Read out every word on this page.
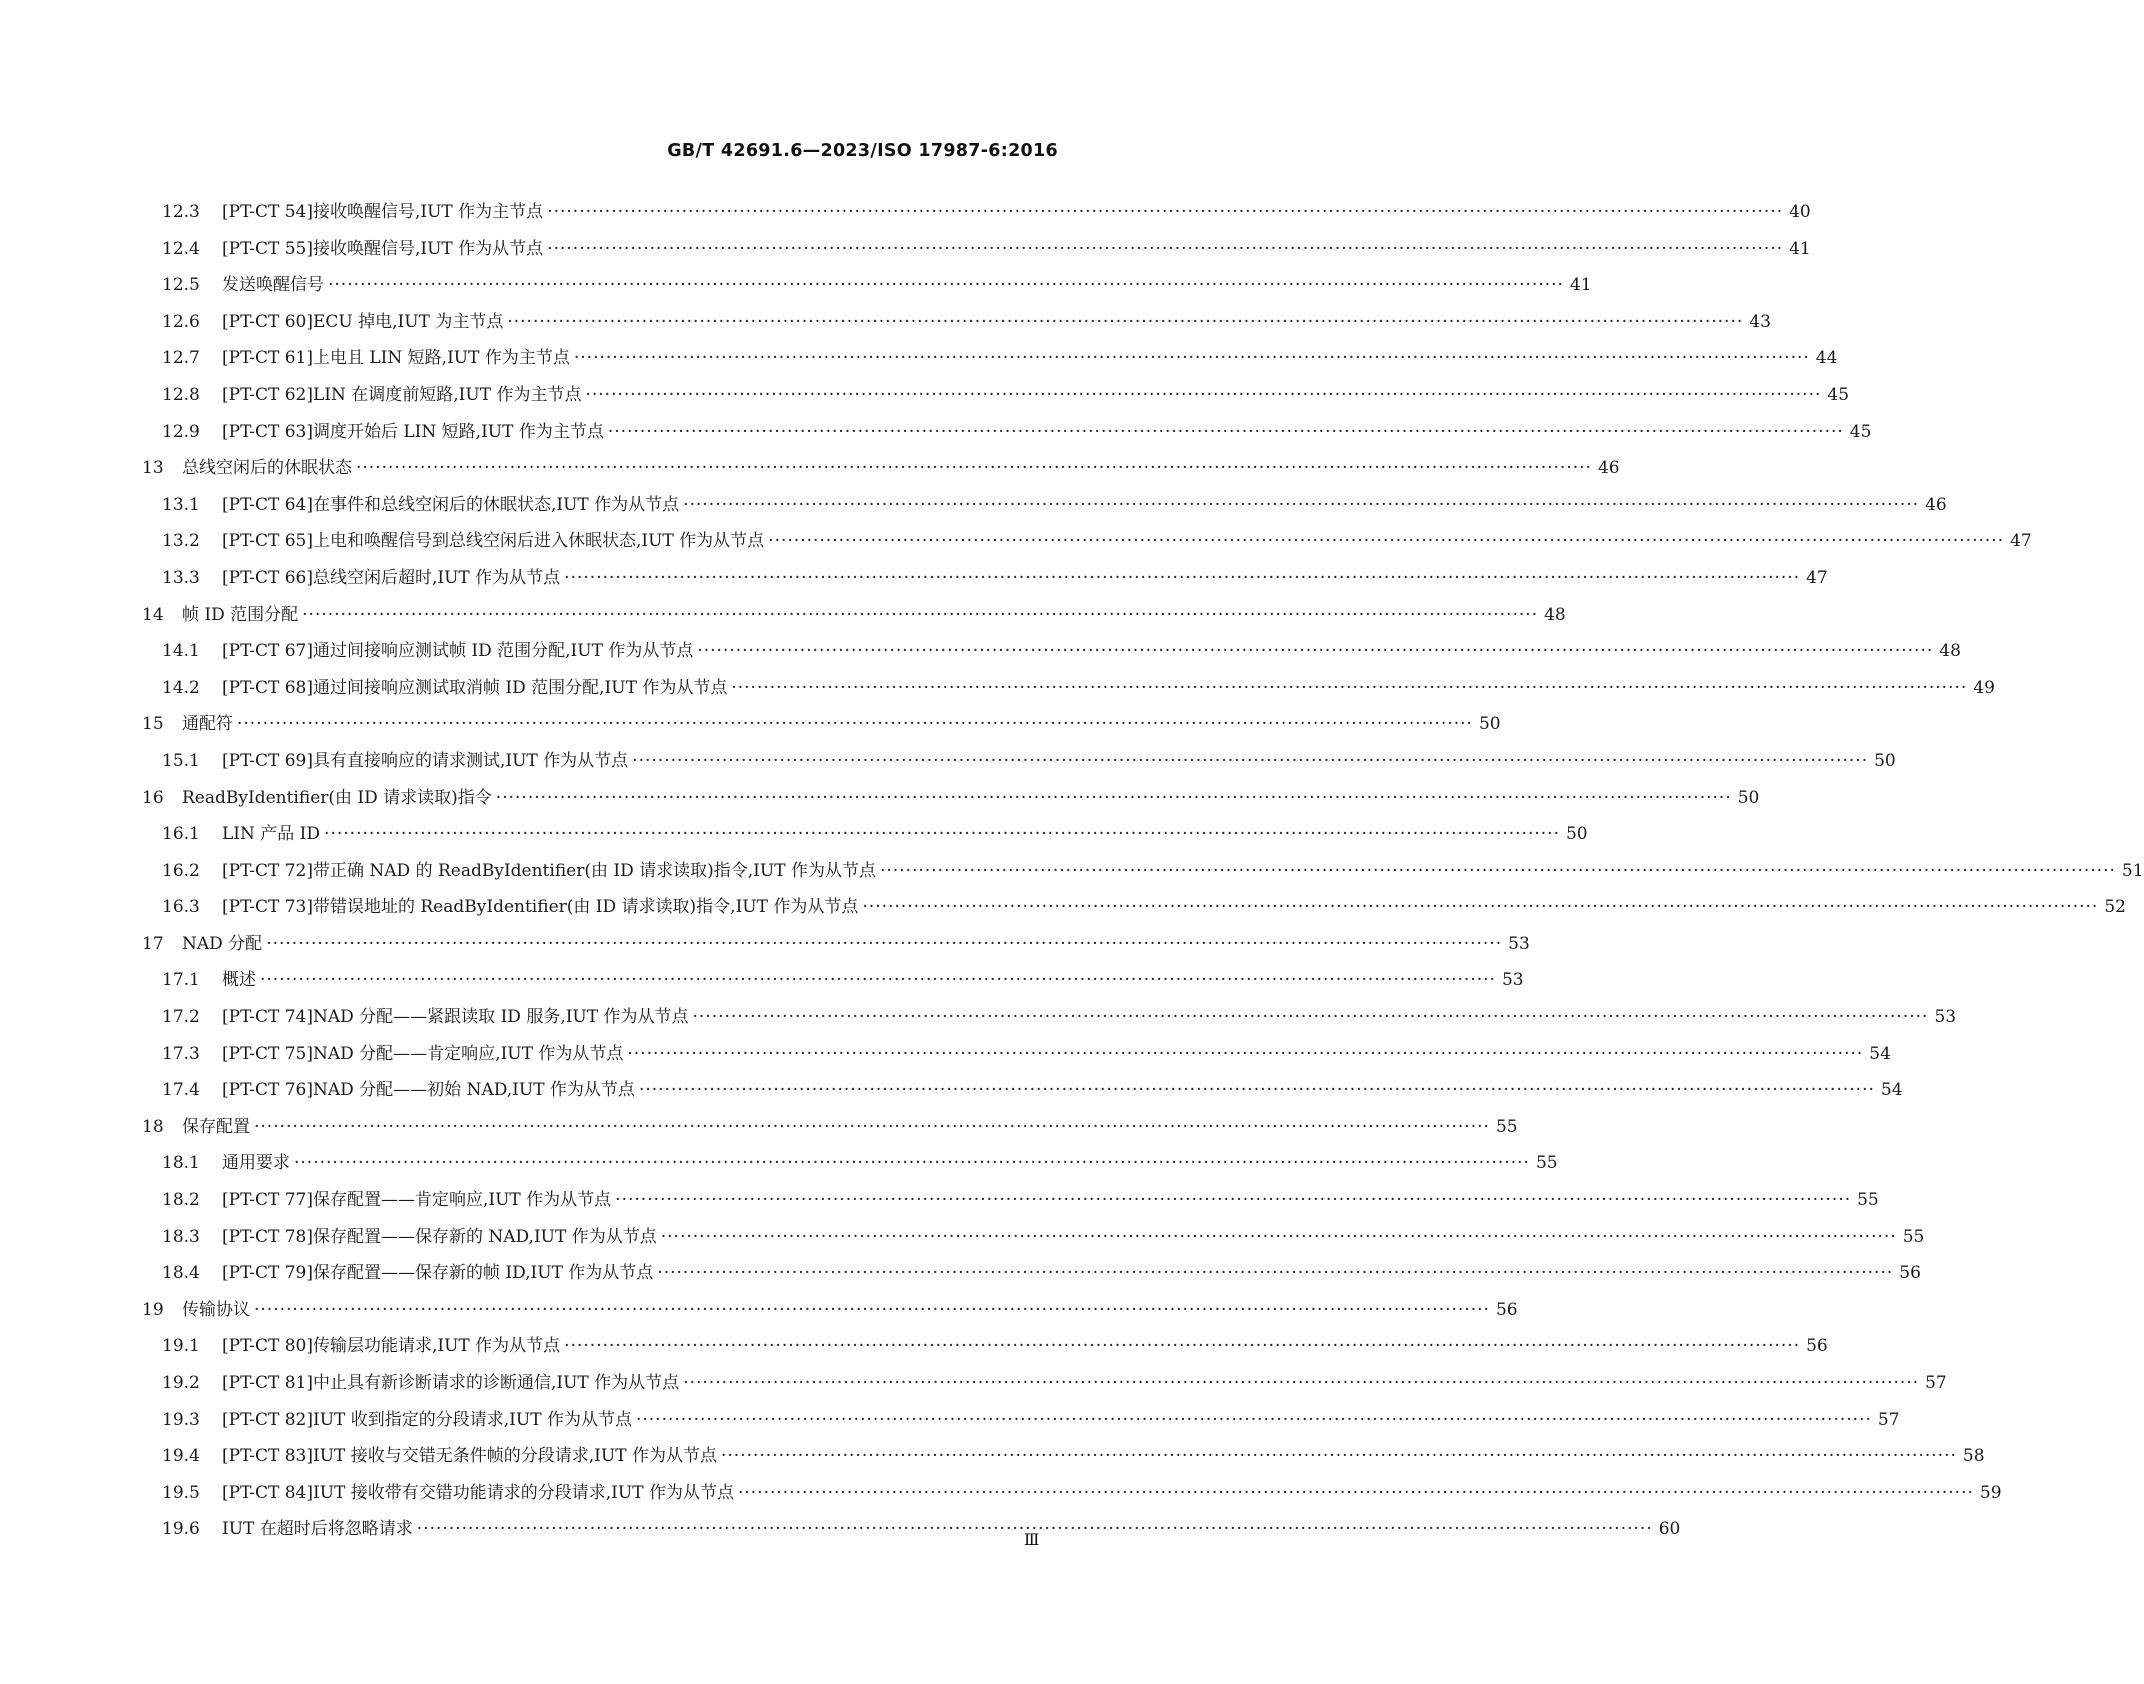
GB/T 42691.6—2023/ISO 17987-6:2016
12.3	[PT-CT 54]接收唤醒信号,IUT 作为主节点 ·····	40
12.4	[PT-CT 55]接收唤醒信号,IUT 作为从节点 ·····	41
12.5	发送唤醒信号 ·····	41
12.6	[PT-CT 60]ECU 掉电,IUT 为主节点 ·····	43
12.7	[PT-CT 61]上电且 LIN 短路,IUT 作为主节点 ·····	44
12.8	[PT-CT 62]LIN 在调度前短路,IUT 作为主节点 ·····	45
12.9	[PT-CT 63]调度开始后 LIN 短路,IUT 作为主节点 ·····	45
13	总线空闲后的休眠状态 ·····	46
13.1	[PT-CT 64]在事件和总线空闲后的休眠状态,IUT 作为从节点 ·····	46
13.2	[PT-CT 65]上电和唤醒信号到总线空闲后进入休眠状态,IUT 作为从节点 ·····	47
13.3	[PT-CT 66]总线空闲后超时,IUT 作为从节点 ·····	47
14	帧 ID 范围分配 ·····	48
14.1	[PT-CT 67]通过间接响应测试帧 ID 范围分配,IUT 作为从节点 ·····	48
14.2	[PT-CT 68]通过间接响应测试取消帧 ID 范围分配,IUT 作为从节点 ·····	49
15	通配符 ·····	50
15.1	[PT-CT 69]具有直接响应的请求测试,IUT 作为从节点 ·····	50
16	ReadByIdentifier(由 ID 请求读取)指令 ·····	50
16.1	LIN 产品 ID ·····	50
16.2	[PT-CT 72]带正确 NAD 的 ReadByIdentifier(由 ID 请求读取)指令,IUT 作为从节点 ·····	51
16.3	[PT-CT 73]带错误地址的 ReadByIdentifier(由 ID 请求读取)指令,IUT 作为从节点 ·····	52
17	NAD 分配 ·····	53
17.1	概述 ·····	53
17.2	[PT-CT 74]NAD 分配——紧跟读取 ID 服务,IUT 作为从节点 ·····	53
17.3	[PT-CT 75]NAD 分配——肯定响应,IUT 作为从节点 ·····	54
17.4	[PT-CT 76]NAD 分配——初始 NAD,IUT 作为从节点 ·····	54
18	保存配置 ·····	55
18.1	通用要求 ·····	55
18.2	[PT-CT 77]保存配置——肯定响应,IUT 作为从节点 ·····	55
18.3	[PT-CT 78]保存配置——保存新的 NAD,IUT 作为从节点 ·····	55
18.4	[PT-CT 79]保存配置——保存新的帧 ID,IUT 作为从节点 ·····	56
19	传输协议 ·····	56
19.1	[PT-CT 80]传输层功能请求,IUT 作为从节点 ·····	56
19.2	[PT-CT 81]中止具有新诊断请求的诊断通信,IUT 作为从节点 ·····	57
19.3	[PT-CT 82]IUT 收到指定的分段请求,IUT 作为从节点 ·····	57
19.4	[PT-CT 83]IUT 接收与交错无条件帧的分段请求,IUT 作为从节点 ·····	58
19.5	[PT-CT 84]IUT 接收带有交错功能请求的分段请求,IUT 作为从节点 ·····	59
19.6	IUT 在超时后将忽略请求 ·····	60
Ⅲ
